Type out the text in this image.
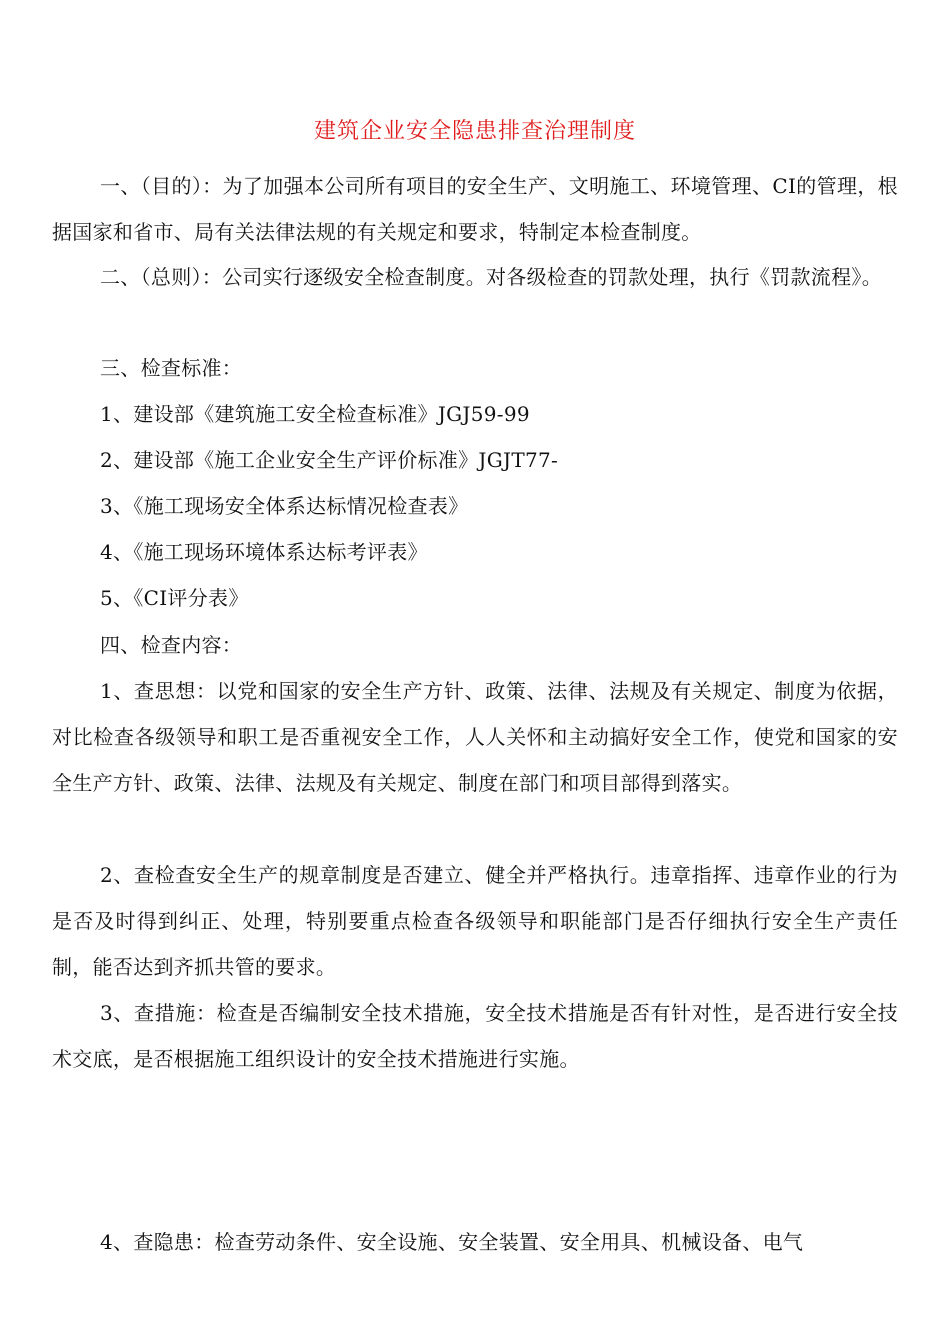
建筑企业安全隐患排查治理制度
一、（目的）：为了加强本公司所有项目的安全生产、文明施工、环境管理、CI的管理，根据国家和省市、局有关法律法规的有关规定和要求，特制定本检查制度。
二、（总则）：公司实行逐级安全检查制度。对各级检查的罚款处理，执行《罚款流程》。
三、检查标准：
1、建设部《建筑施工安全检查标准》JGJ59-99
2、建设部《施工企业安全生产评价标准》JGJT77-
3、《施工现场安全体系达标情况检查表》
4、《施工现场环境体系达标考评表》
5、《CI评分表》
四、检查内容：
1、查思想：以党和国家的安全生产方针、政策、法律、法规及有关规定、制度为依据，对比检查各级领导和职工是否重视安全工作，人人关怀和主动搞好安全工作，使党和国家的安全生产方针、政策、法律、法规及有关规定、制度在部门和项目部得到落实。
2、查检查安全生产的规章制度是否建立、健全并严格执行。违章指挥、违章作业的行为是否及时得到纠正、处理，特别要重点检查各级领导和职能部门是否仔细执行安全生产责任制，能否达到齐抓共管的要求。
3、查措施：检查是否编制安全技术措施，安全技术措施是否有针对性，是否进行安全技术交底，是否根据施工组织设计的安全技术措施进行实施。
4、查隐患：检查劳动条件、安全设施、安全装置、安全用具、机械设备、电气
